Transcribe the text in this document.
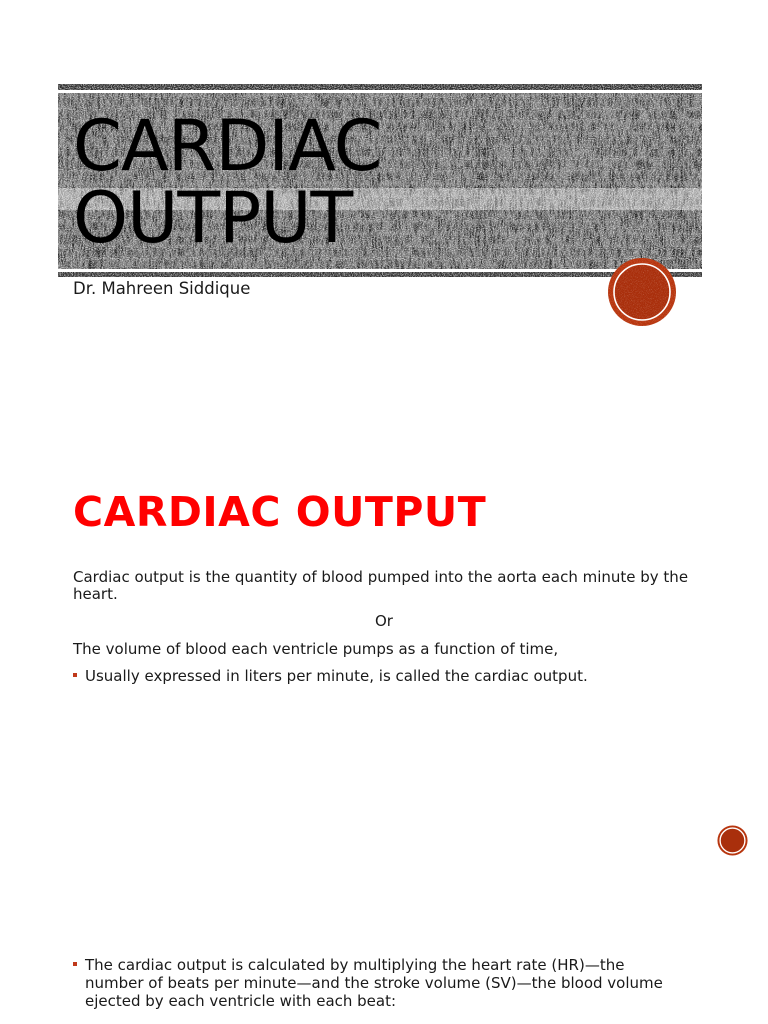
CARDIAC
OUTPUT
Dr. Mahreen Siddique
CARDIAC OUTPUT

Cardiac output is the quantity of blood pumped into the aorta each minute by the heart.

Or

The volume of blood each ventricle pumps as a function of time,

Usually expressed in liters per minute, is called the cardiac output.
The cardiac output is calculated by multiplying the heart rate (HR)—the number of beats per minute—and the stroke volume (SV)—the blood volume ejected by each ventricle with each beat:
